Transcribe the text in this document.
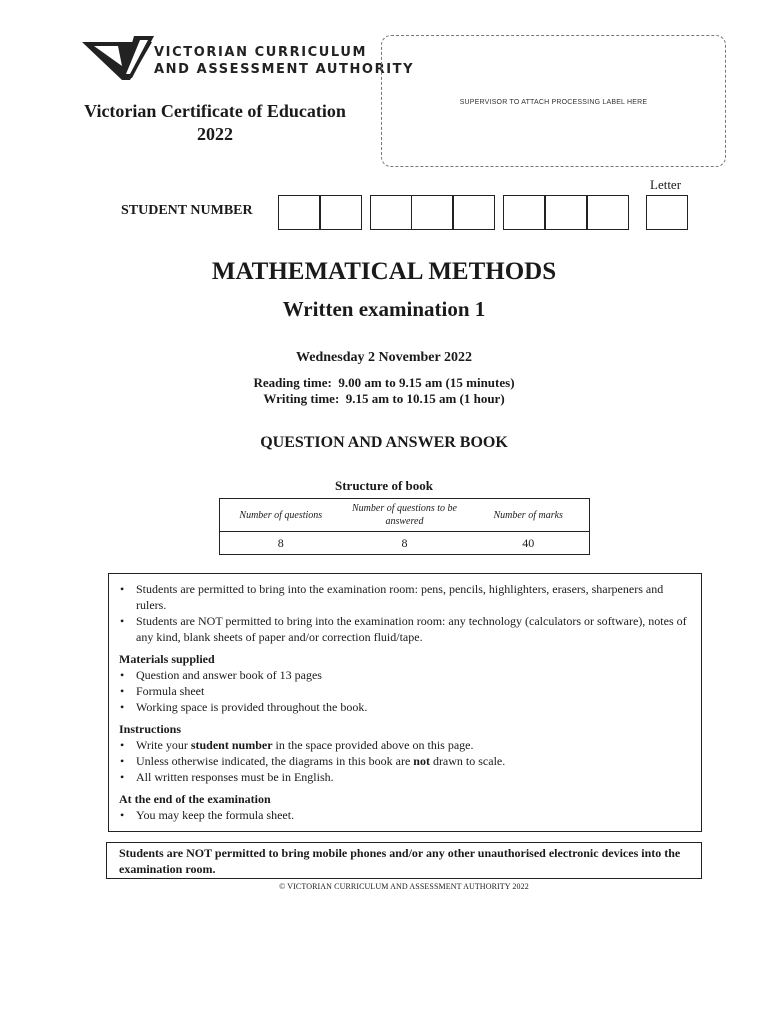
VICTORIAN CURRICULUM
AND ASSESSMENT AUTHORITY
Victorian Certificate of Education
2022
SUPERVISOR TO ATTACH PROCESSING LABEL HERE
STUDENT NUMBER
Letter
MATHEMATICAL METHODS
Written examination 1
Wednesday 2 November 2022
Reading time:  9.00 am to 9.15 am (15 minutes)
Writing time:  9.15 am to 10.15 am (1 hour)
QUESTION AND ANSWER BOOK
Structure of book
Number of questions	Number of questions to be answered	Number of marks
8	8	40
• Students are permitted to bring into the examination room: pens, pencils, highlighters, erasers, sharpeners and rulers.
• Students are NOT permitted to bring into the examination room: any technology (calculators or software), notes of any kind, blank sheets of paper and/or correction fluid/tape.
Materials supplied
• Question and answer book of 13 pages
• Formula sheet
• Working space is provided throughout the book.
Instructions
• Write your student number in the space provided above on this page.
• Unless otherwise indicated, the diagrams in this book are not drawn to scale.
• All written responses must be in English.
At the end of the examination
• You may keep the formula sheet.
Students are NOT permitted to bring mobile phones and/or any other unauthorised electronic devices into the examination room.
© VICTORIAN CURRICULUM AND ASSESSMENT AUTHORITY 2022
